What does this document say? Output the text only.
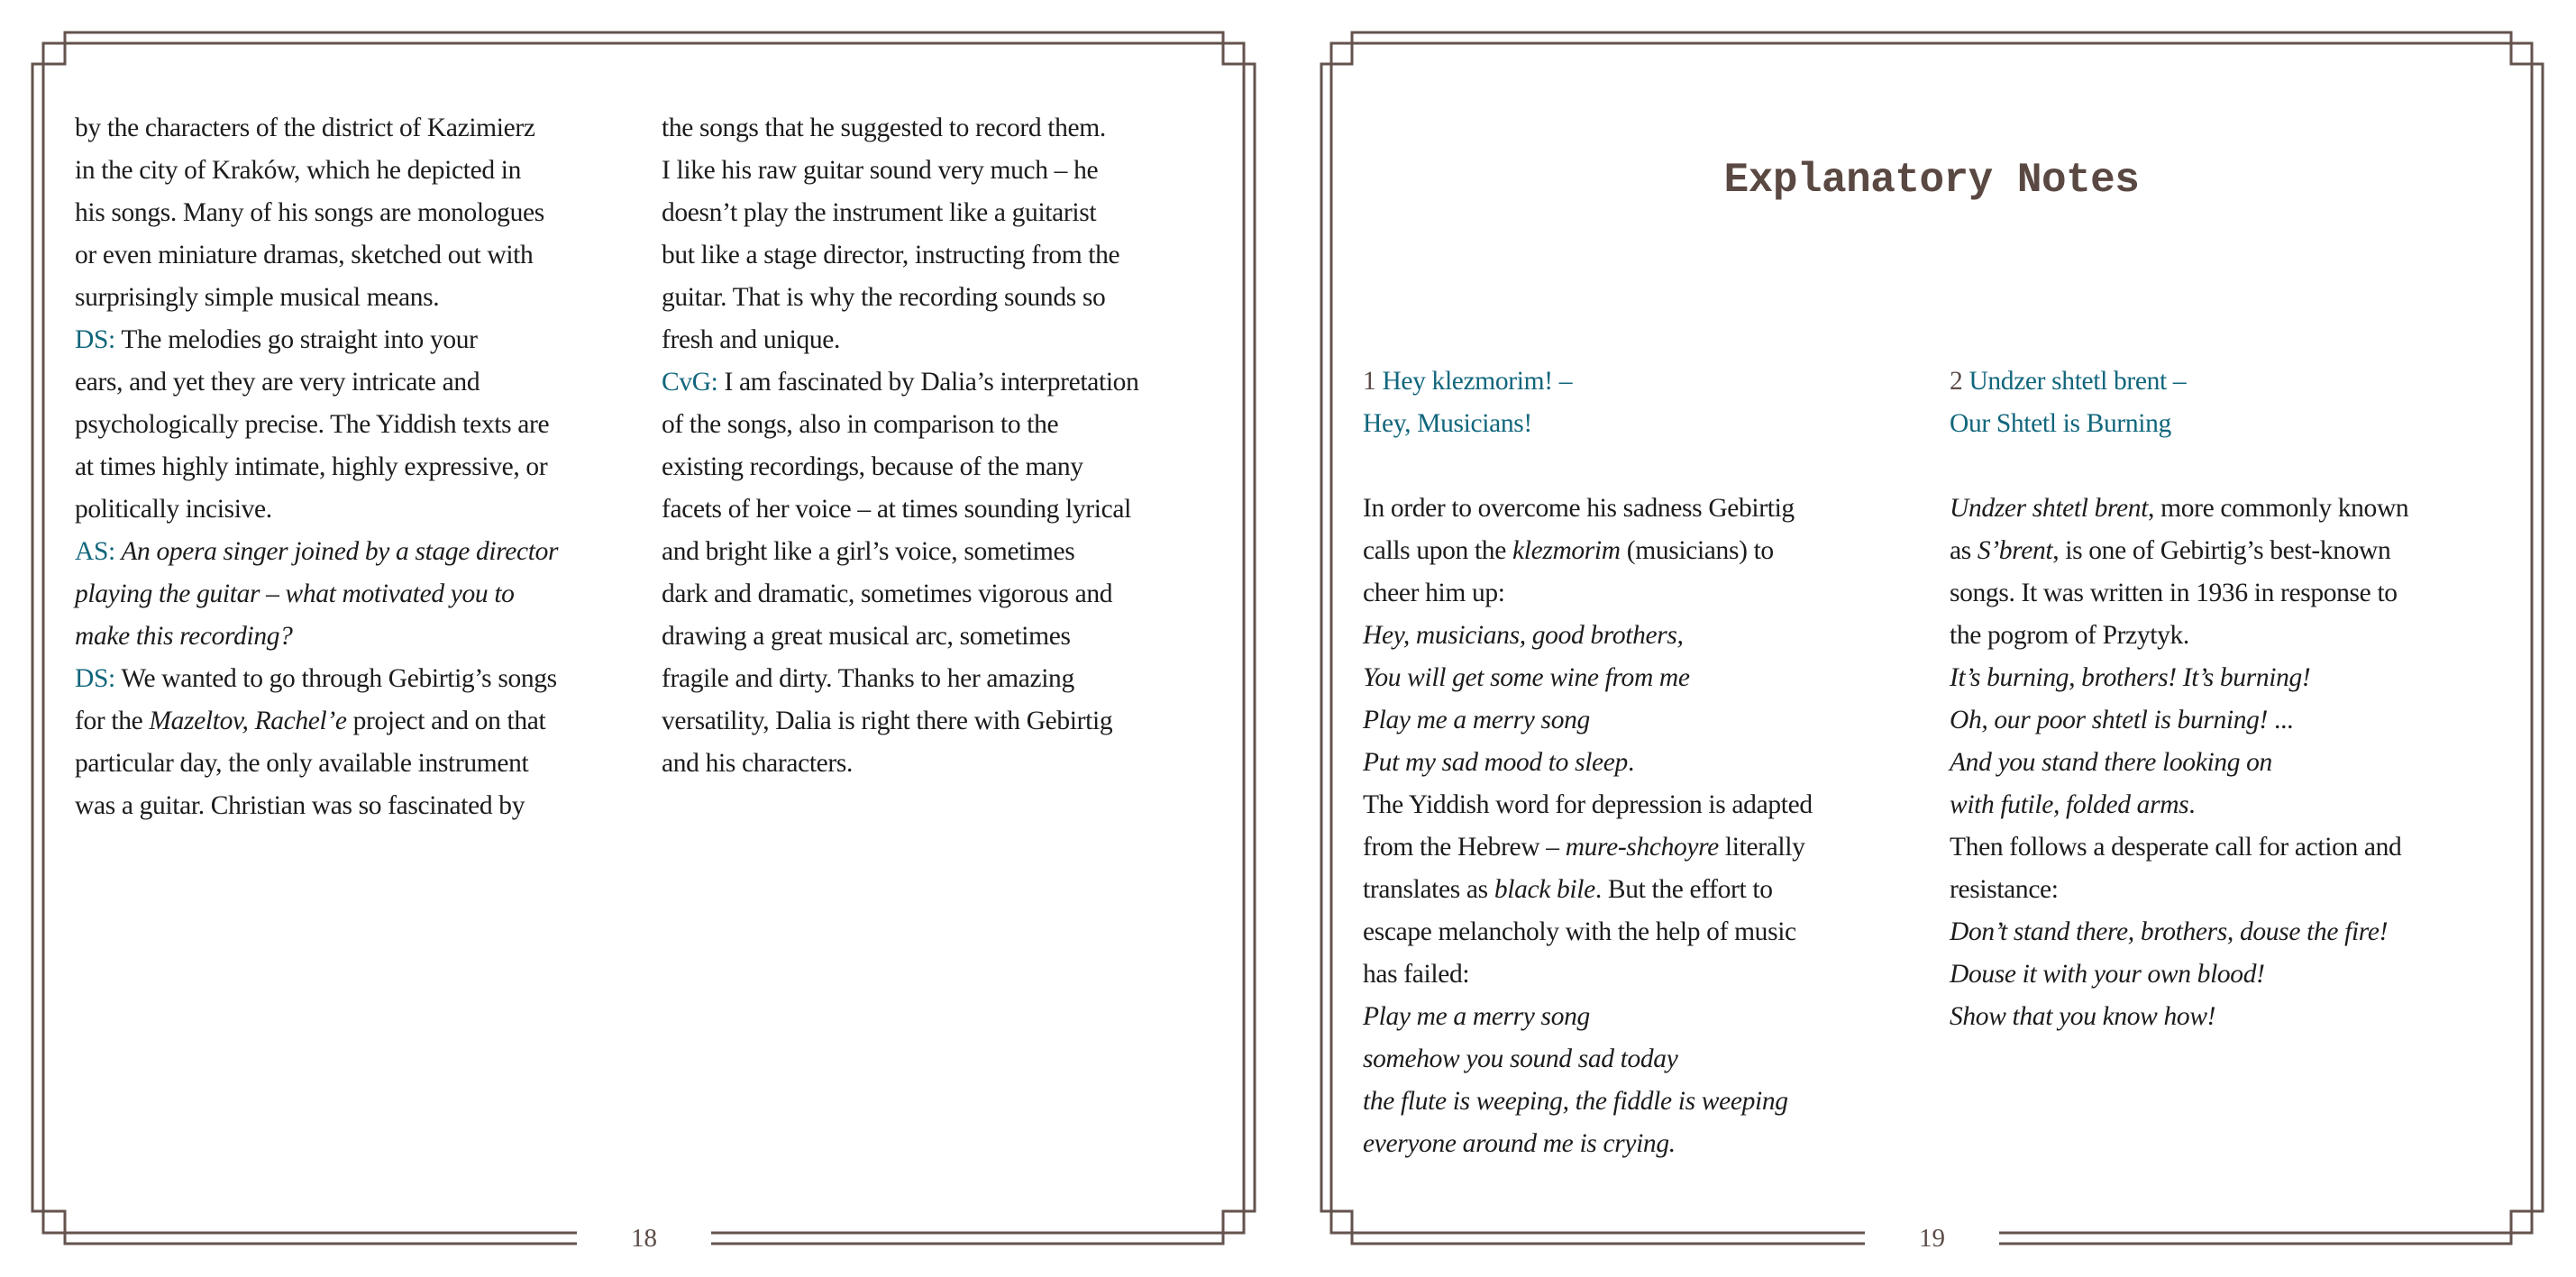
by the characters of the district of Kazimierz
in the city of Kraków, which he depicted in
his songs. Many of his songs are monologues
or even miniature dramas, sketched out with
surprisingly simple musical means.
DS: The melodies go straight into your
ears, and yet they are very intricate and
psychologically precise. The Yiddish texts are
at times highly intimate, highly expressive, or
politically incisive.
AS: An opera singer joined by a stage director
playing the guitar – what motivated you to
make this recording?
DS: We wanted to go through Gebirtig’s songs
for the Mazeltov, Rachel’e project and on that
particular day, the only available instrument
was a guitar. Christian was so fascinated by
the songs that he suggested to record them.
I like his raw guitar sound very much – he
doesn’t play the instrument like a guitarist
but like a stage director, instructing from the
guitar. That is why the recording sounds so
fresh and unique.
CvG: I am fascinated by Dalia’s interpretation
of the songs, also in comparison to the
existing recordings, because of the many
facets of her voice – at times sounding lyrical
and bright like a girl’s voice, sometimes
dark and dramatic, sometimes vigorous and
drawing a great musical arc, sometimes
fragile and dirty. Thanks to her amazing
versatility, Dalia is right there with Gebirtig
and his characters.
18
Explanatory Notes
1 Hey klezmorim! –
Hey, Musicians!
In order to overcome his sadness Gebirtig
calls upon the klezmorim (musicians) to
cheer him up:
Hey, musicians, good brothers,
You will get some wine from me
Play me a merry song
Put my sad mood to sleep.
The Yiddish word for depression is adapted
from the Hebrew – mure-shchoyre literally
translates as black bile. But the effort to
escape melancholy with the help of music
has failed:
Play me a merry song
somehow you sound sad today
the flute is weeping, the fiddle is weeping
everyone around me is crying.
2 Undzer shtetl brent –
Our Shtetl is Burning
Undzer shtetl brent, more commonly known
as S’brent, is one of Gebirtig’s best-known
songs. It was written in 1936 in response to
the pogrom of Przytyk.
It’s burning, brothers! It’s burning!
Oh, our poor shtetl is burning! ...
And you stand there looking on
with futile, folded arms.
Then follows a desperate call for action and
resistance:
Don’t stand there, brothers, douse the fire!
Douse it with your own blood!
Show that you know how!
19
